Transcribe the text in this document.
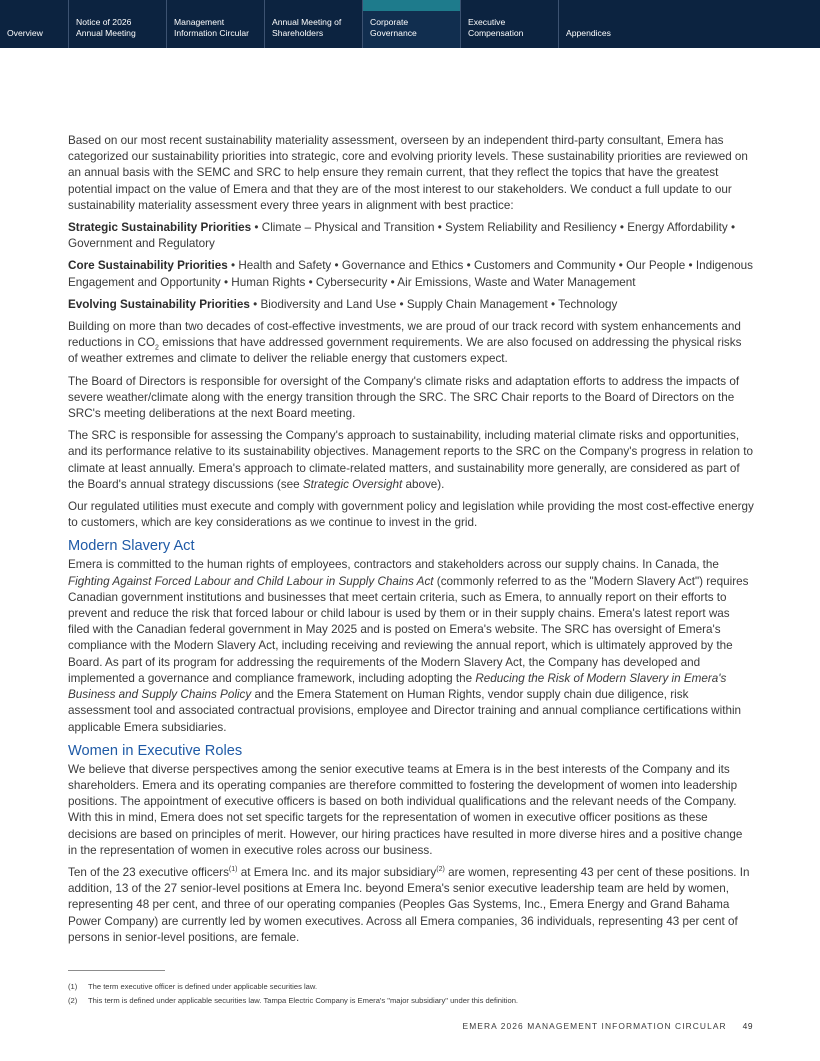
Overview
Notice of 2026
Annual Meeting
Management
Information Circular
Annual Meeting of
Shareholders
Corporate
Governance
Executive
Compensation	Appendices

Based on our most recent sustainability materiality assessment, overseen by an independent third-party consultant, Emera has categorized our sustainability priorities into strategic, core and evolving priority levels. These sustainability priorities are reviewed on an annual basis with the SEMC and SRC to help ensure they remain current, that they reflect the topics that have the greatest potential impact on the value of Emera and that they are of the most interest to our stakeholders. We conduct a full update to our sustainability materiality assessment every three years in alignment with best practice:

Strategic Sustainability Priorities • Climate – Physical and Transition • System Reliability and Resiliency • Energy Affordability • Government and Regulatory

Core Sustainability Priorities • Health and Safety • Governance and Ethics • Customers and Community • Our People • Indigenous Engagement and Opportunity • Human Rights • Cybersecurity • Air Emissions, Waste and Water Management

Evolving Sustainability Priorities • Biodiversity and Land Use • Supply Chain Management • Technology

Building on more than two decades of cost-effective investments, we are proud of our track record with system enhancements and reductions in $CO_2$ emissions that have addressed government requirements. We are also focused on addressing the physical risks of weather extremes and climate to deliver the reliable energy that customers expect.

The Board of Directors is responsible for oversight of the Company's climate risks and adaptation efforts to address the impacts of severe weather/climate along with the energy transition through the SRC. The SRC Chair reports to the Board of Directors on the SRC's meeting deliberations at the next Board meeting.

The SRC is responsible for assessing the Company's approach to sustainability, including material climate risks and opportunities, and its performance relative to its sustainability objectives. Management reports to the SRC on the Company's progress in relation to climate at least annually. Emera's approach to climate-related matters, and sustainability more generally, are considered as part of the Board's annual strategy discussions (see Strategic Oversight above).

Our regulated utilities must execute and comply with government policy and legislation while providing the most cost-effective energy to customers, which are key considerations as we continue to invest in the grid.

Modern Slavery Act

Emera is committed to the human rights of employees, contractors and stakeholders across our supply chains. In Canada, the Fighting Against Forced Labour and Child Labour in Supply Chains Act (commonly referred to as the "Modern Slavery Act") requires Canadian government institutions and businesses that meet certain criteria, such as Emera, to annually report on their efforts to prevent and reduce the risk that forced labour or child labour is used by them or in their supply chains. Emera's latest report was filed with the Canadian federal government in May 2025 and is posted on Emera's website. The SRC has oversight of Emera's compliance with the Modern Slavery Act, including receiving and reviewing the annual report, which is ultimately approved by the Board. As part of its program for addressing the requirements of the Modern Slavery Act, the Company has developed and implemented a governance and compliance framework, including adopting the Reducing the Risk of Modern Slavery in Emera's Business and Supply Chains Policy and the Emera Statement on Human Rights, vendor supply chain due diligence, risk assessment tool and associated contractual provisions, employee and Director training and annual compliance certifications within applicable Emera subsidiaries.

Women in Executive Roles

We believe that diverse perspectives among the senior executive teams at Emera is in the best interests of the Company and its shareholders. Emera and its operating companies are therefore committed to fostering the development of women into leadership positions. The appointment of executive officers is based on both individual qualifications and the relevant needs of the Company. With this in mind, Emera does not set specific targets for the representation of women in executive officer positions as these decisions are based on principles of merit. However, our hiring practices have resulted in more diverse hires and a positive change in the representation of women in executive roles across our business.

Ten of the 23 executive officers$^{(1)}$ at Emera Inc. and its major subsidiary$^{(2)}$ are women, representing 43 per cent of these positions. In addition, 13 of the 27 senior-level positions at Emera Inc. beyond Emera's senior executive leadership team are held by women, representing 48 per cent, and three of our operating companies (Peoples Gas Systems, Inc., Emera Energy and Grand Bahama Power Company) are currently led by women executives. Across all Emera companies, 36 individuals, representing 43 per cent of persons in senior-level positions, are female.

(1)	The term executive officer is defined under applicable securities law.
(2)	This term is defined under applicable securities law. Tampa Electric Company is Emera's "major subsidiary" under this definition.
EMERA 2026 MANAGEMENT INFORMATION CIRCULAR 49
